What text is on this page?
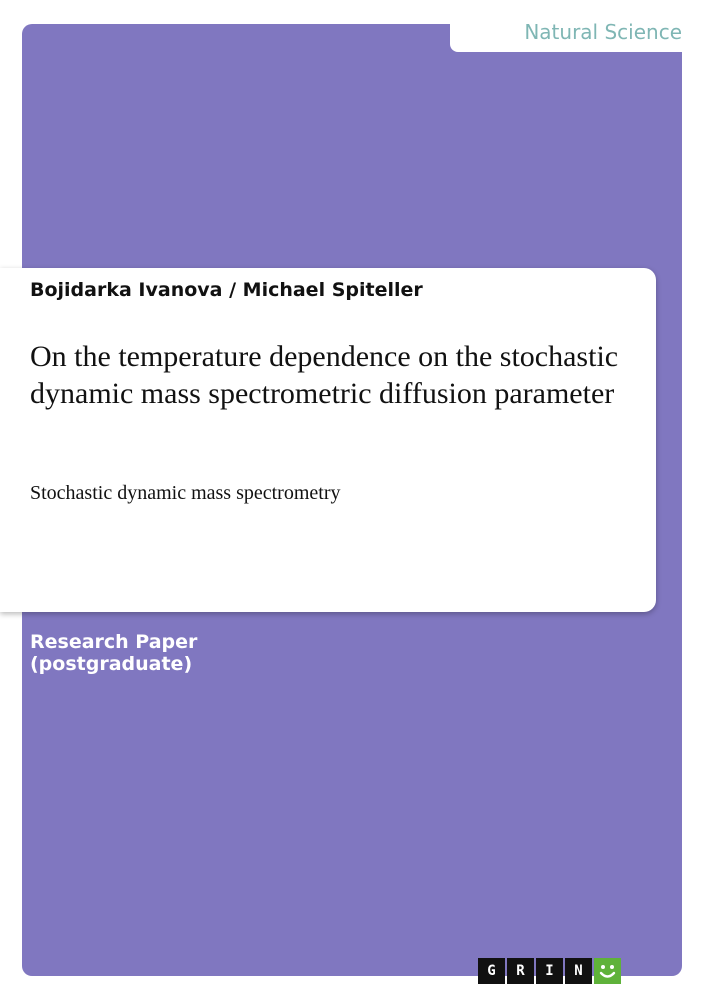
Natural Science
Bojidarka Ivanova / Michael Spiteller
On the temperature dependence on the stochastic dynamic mass spectrometric diffusion parameter

Stochastic dynamic mass spectrometry

Research Paper
(postgraduate)
G	R	I	N
